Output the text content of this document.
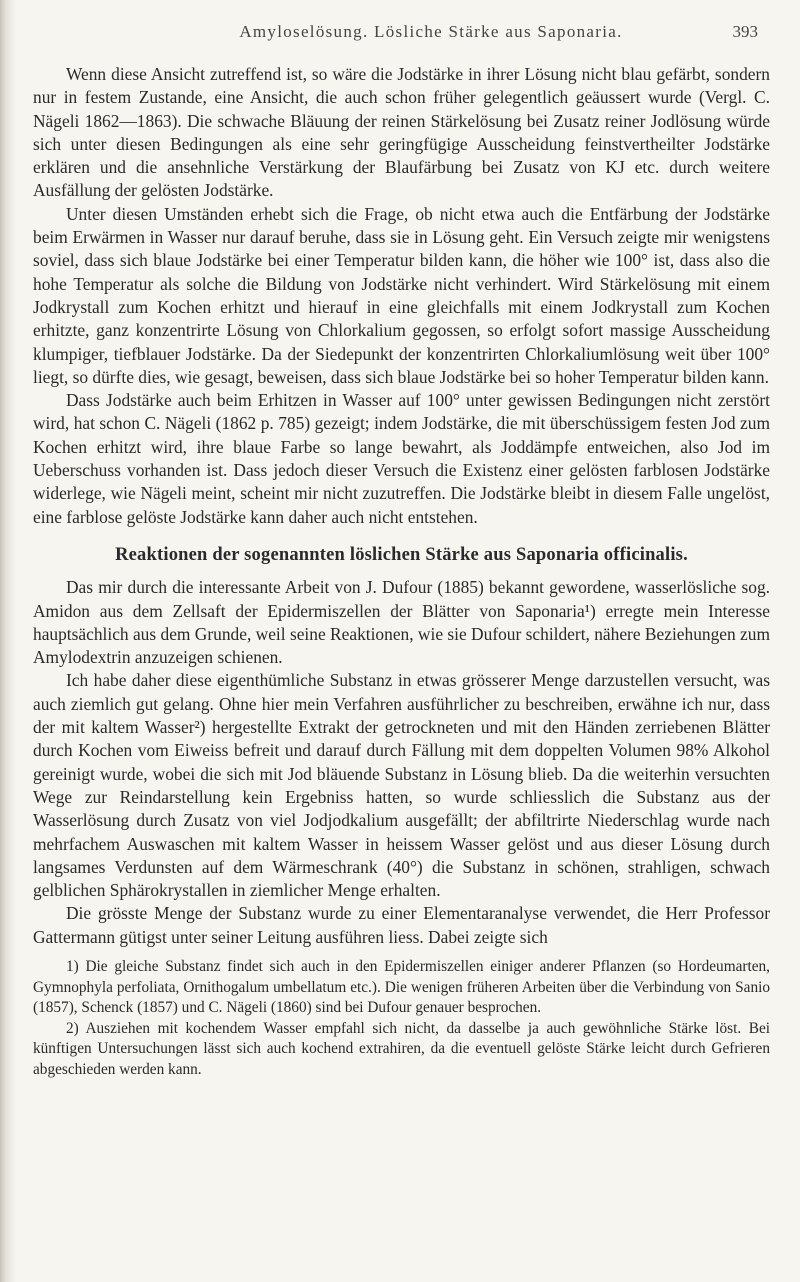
Amyloselösung. Lösliche Stärke aus Saponaria.	393

Wenn diese Ansicht zutreffend ist, so wäre die Jodstärke in ihrer Lösung nicht blau gefärbt, sondern nur in festem Zustande, eine Ansicht, die auch schon früher gelegentlich geäussert wurde (Vergl. C. Nägeli 1862—1863). Die schwache Bläuung der reinen Stärkelösung bei Zusatz reiner Jodlösung würde sich unter diesen Bedingungen als eine sehr geringfügige Ausscheidung feinstvertheilter Jodstärke erklären und die ansehnliche Verstärkung der Blaufärbung bei Zusatz von KJ etc. durch weitere Ausfällung der gelösten Jodstärke.

Unter diesen Umständen erhebt sich die Frage, ob nicht etwa auch die Entfärbung der Jodstärke beim Erwärmen in Wasser nur darauf beruhe, dass sie in Lösung geht. Ein Versuch zeigte mir wenigstens soviel, dass sich blaue Jodstärke bei einer Temperatur bilden kann, die höher wie 100° ist, dass also die hohe Temperatur als solche die Bildung von Jodstärke nicht verhindert. Wird Stärkelösung mit einem Jodkrystall zum Kochen erhitzt und hierauf in eine gleichfalls mit einem Jodkrystall zum Kochen erhitzte, ganz konzentrirte Lösung von Chlorkalium gegossen, so erfolgt sofort massige Ausscheidung klumpiger, tiefblauer Jodstärke. Da der Siedepunkt der konzentrirten Chlorkaliumlösung weit über 100° liegt, so dürfte dies, wie gesagt, beweisen, dass sich blaue Jodstärke bei so hoher Temperatur bilden kann.

Dass Jodstärke auch beim Erhitzen in Wasser auf 100° unter gewissen Bedingungen nicht zerstört wird, hat schon C. Nägeli (1862 p. 785) gezeigt; indem Jodstärke, die mit überschüssigem festen Jod zum Kochen erhitzt wird, ihre blaue Farbe so lange bewahrt, als Joddämpfe entweichen, also Jod im Ueberschuss vorhanden ist. Dass jedoch dieser Versuch die Existenz einer gelösten farblosen Jodstärke widerlege, wie Nägeli meint, scheint mir nicht zuzutreffen. Die Jodstärke bleibt in diesem Falle ungelöst, eine farblose gelöste Jodstärke kann daher auch nicht entstehen.

Reaktionen der sogenannten löslichen Stärke aus Saponaria officinalis.

Das mir durch die interessante Arbeit von J. Dufour (1885) bekannt gewordene, wasserlösliche sog. Amidon aus dem Zellsaft der Epidermiszellen der Blätter von Saponaria¹) erregte mein Interesse hauptsächlich aus dem Grunde, weil seine Reaktionen, wie sie Dufour schildert, nähere Beziehungen zum Amylodextrin anzuzeigen schienen.

Ich habe daher diese eigenthümliche Substanz in etwas grösserer Menge darzustellen versucht, was auch ziemlich gut gelang. Ohne hier mein Verfahren ausführlicher zu beschreiben, erwähne ich nur, dass der mit kaltem Wasser²) hergestellte Extrakt der getrockneten und mit den Händen zerriebenen Blätter durch Kochen vom Eiweiss befreit und darauf durch Fällung mit dem doppelten Volumen 98% Alkohol gereinigt wurde, wobei die sich mit Jod bläuende Substanz in Lösung blieb. Da die weiterhin versuchten Wege zur Reindarstellung kein Ergebniss hatten, so wurde schliesslich die Substanz aus der Wasserlösung durch Zusatz von viel Jodjodkalium ausgefällt; der abfiltrirte Niederschlag wurde nach mehrfachem Auswaschen mit kaltem Wasser in heissem Wasser gelöst und aus dieser Lösung durch langsames Verdunsten auf dem Wärmeschrank (40°) die Substanz in schönen, strahligen, schwach gelblichen Sphärokrystallen in ziemlicher Menge erhalten.

Die grösste Menge der Substanz wurde zu einer Elementaranalyse verwendet, die Herr Professor Gattermann gütigst unter seiner Leitung ausführen liess. Dabei zeigte sich

1) Die gleiche Substanz findet sich auch in den Epidermiszellen einiger anderer Pflanzen (so Hordeumarten, Gymnophyla perfoliata, Ornithogalum umbellatum etc.). Die wenigen früheren Arbeiten über die Verbindung von Sanio (1857), Schenck (1857) und C. Nägeli (1860) sind bei Dufour genauer besprochen.

2) Ausziehen mit kochendem Wasser empfahl sich nicht, da dasselbe ja auch gewöhnliche Stärke löst. Bei künftigen Untersuchungen lässt sich auch kochend extrahiren, da die eventuell gelöste Stärke leicht durch Gefrieren abgeschieden werden kann.
